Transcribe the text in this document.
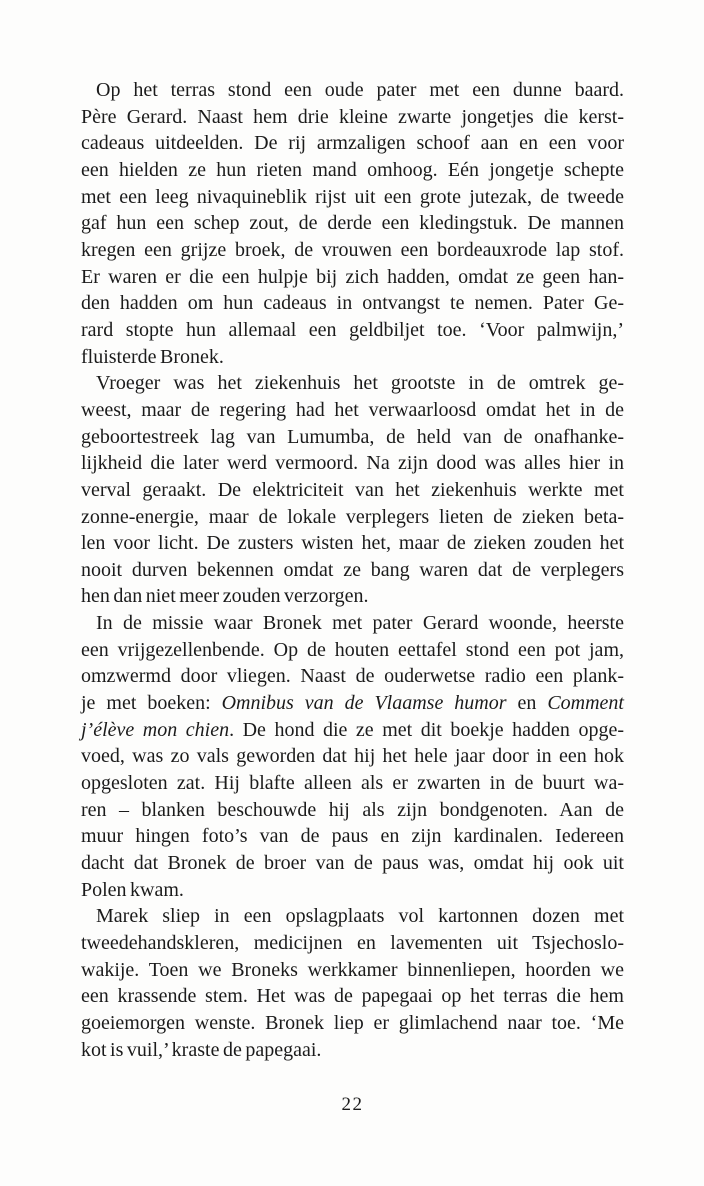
Op het terras stond een oude pater met een dunne baard.
Père Gerard. Naast hem drie kleine zwarte jongetjes die kerst-
cadeaus uitdeelden. De rij armzaligen schoof aan en een voor
een hielden ze hun rieten mand omhoog. Eén jongetje schepte
met een leeg nivaquineblik rijst uit een grote jutezak, de tweede
gaf hun een schep zout, de derde een kledingstuk. De mannen
kregen een grijze broek, de vrouwen een bordeauxrode lap stof.
Er waren er die een hulpje bij zich hadden, omdat ze geen han-
den hadden om hun cadeaus in ontvangst te nemen. Pater Ge-
rard stopte hun allemaal een geldbiljet toe. ‘Voor palmwijn,’
fluisterde Bronek.
Vroeger was het ziekenhuis het grootste in de omtrek ge-
weest, maar de regering had het verwaarloosd omdat het in de
geboortestreek lag van Lumumba, de held van de onafhanke-
lijkheid die later werd vermoord. Na zijn dood was alles hier in
verval geraakt. De elektriciteit van het ziekenhuis werkte met
zonne-energie, maar de lokale verplegers lieten de zieken beta-
len voor licht. De zusters wisten het, maar de zieken zouden het
nooit durven bekennen omdat ze bang waren dat de verplegers
hen dan niet meer zouden verzorgen.
In de missie waar Bronek met pater Gerard woonde, heerste
een vrijgezellenbende. Op de houten eettafel stond een pot jam,
omzwermd door vliegen. Naast de ouderwetse radio een plank-
je met boeken: Omnibus van de Vlaamse humor en Comment
j’élève mon chien. De hond die ze met dit boekje hadden opge-
voed, was zo vals geworden dat hij het hele jaar door in een hok
opgesloten zat. Hij blafte alleen als er zwarten in de buurt wa-
ren – blanken beschouwde hij als zijn bondgenoten. Aan de
muur hingen foto’s van de paus en zijn kardinalen. Iedereen
dacht dat Bronek de broer van de paus was, omdat hij ook uit
Polen kwam.
Marek sliep in een opslagplaats vol kartonnen dozen met
tweedehandskleren, medicijnen en lavementen uit Tsjechoslo-
wakije. Toen we Broneks werkkamer binnenliepen, hoorden we
een krassende stem. Het was de papegaai op het terras die hem
goeiemorgen wenste. Bronek liep er glimlachend naar toe. ‘Me
kot is vuil,’ kraste de papegaai.
22
